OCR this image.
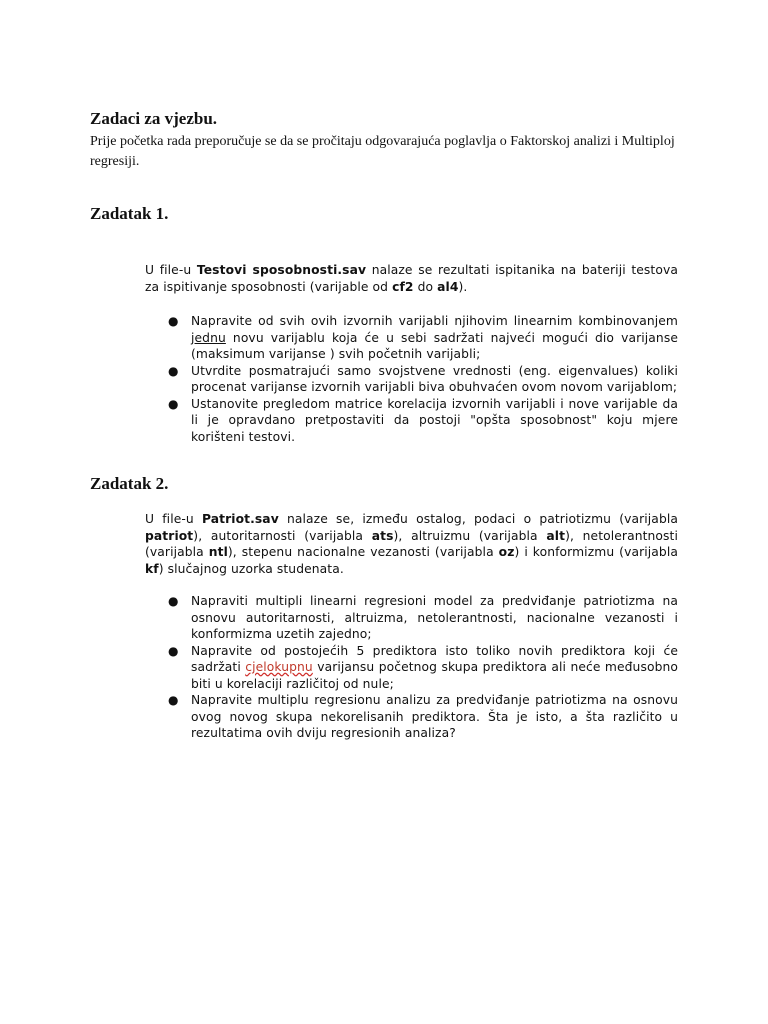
Zadaci za vjezbu.

Prije početka rada preporučuje se da se pročitaju odgovarajuća poglavlja o Faktorskoj analizi i Multiploj regresiji.

Zadatak 1.

U file-u Testovi sposobnosti.sav nalaze se rezultati ispitanika na bateriji testova za ispitivanje sposobnosti (varijable od cf2 do al4).

● Napravite od svih ovih izvornih varijabli njihovim linearnim kombinovanjem jednu novu varijablu koja će u sebi sadržati najveći mogući dio varijanse (maksimum varijanse ) svih početnih varijabli;
● Utvrdite posmatrajući samo svojstvene vrednosti (eng. eigenvalues) koliki procenat varijanse izvornih varijabli biva obuhvaćen ovom novom varijablom;
● Ustanovite pregledom matrice korelacija izvornih varijabli i nove varijable da li je opravdano pretpostaviti da postoji "opšta sposobnost" koju mjere korišteni testovi.
Zadatak 2.

U file-u Patriot.sav nalaze se, između ostalog, podaci o patriotizmu (varijabla patriot), autoritarnosti (varijabla ats), altruizmu (varijabla alt), netolerantnosti (varijabla ntl), stepenu nacionalne vezanosti (varijabla oz) i konformizmu (varijabla kf) slučajnog uzorka studenata.

● Napraviti multipli linearni regresioni model za predviđanje patriotizma na osnovu autoritarnosti, altruizma, netolerantnosti, nacionalne vezanosti i konformizma uzetih zajedno;
● Napravite od postojećih 5 prediktora isto toliko novih prediktora koji će sadržati cjelokupnu varijansu početnog skupa prediktora ali neće međusobno biti u korelaciji različitoj od nule;
● Napravite multiplu regresionu analizu za predviđanje patriotizma na osnovu ovog novog skupa nekorelisanih prediktora. Šta je isto, a šta različito u rezultatima ovih dviju regresionih analiza?
